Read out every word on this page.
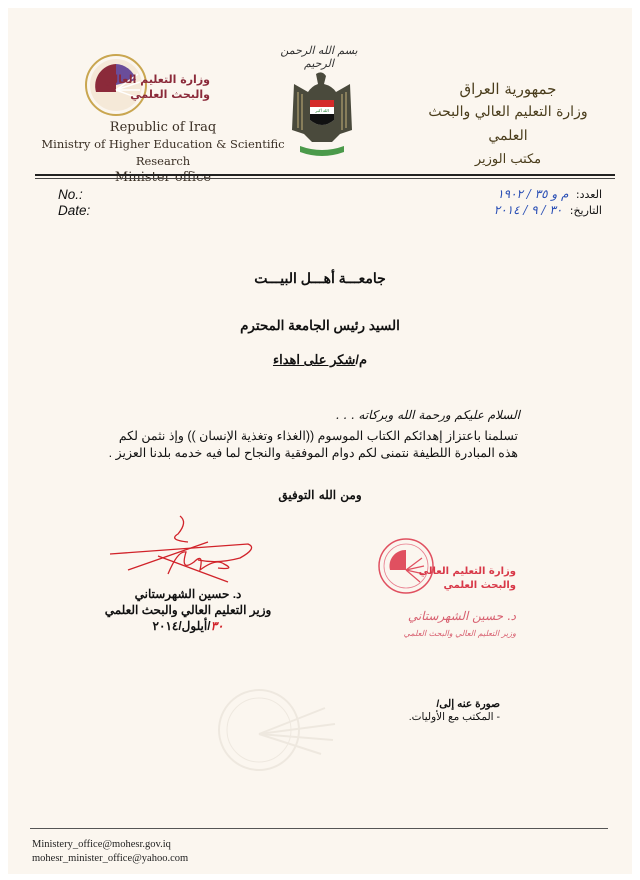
وزارة التعليم العالي
والبحث العلمي
Republic of Iraq
Ministry of Higher Education & Scientific Research
بسم الله الرحمن الرحيم
الله أكبر
جمهورية العراق
وزارة التعليم العالي والبحث العلمي
مكتب الوزير
No.:
Date:
العدد: م و ٣٥ / ١٩٠٢
التاريخ: ٣٠ / ٩ / ٢٠١٤
جامعـــة أهـــل البيـــت
السيد رئيس الجامعة المحترم
م/شكر على اهداء
السلام عليكم ورحمة الله وبركاته . . .
تسلمنا باعتزاز إهدائكم الكتاب الموسوم ((الغذاء وتغذية الإنسان )) وإذ نثمن لكم
هذه المبادرة اللطيفة نتمنى لكم دوام الموفقية والنجاح لما فيه خدمه بلدنا العزيز .
ومن الله التوفيق
د. حسين الشهرستاني
وزير التعليم العالي والبحث العلمي
٣٠/أيلول/٢٠١٤
وزارة التعليم العالي
والبحث العلمي
د. حسين الشهرستاني
وزير التعليم العالي والبحث العلمي
صورة عنه إلى/
- المكتب مع الأوليات.
Ministery_office@mohesr.gov.iq
mohesr_minister_office@yahoo.com
